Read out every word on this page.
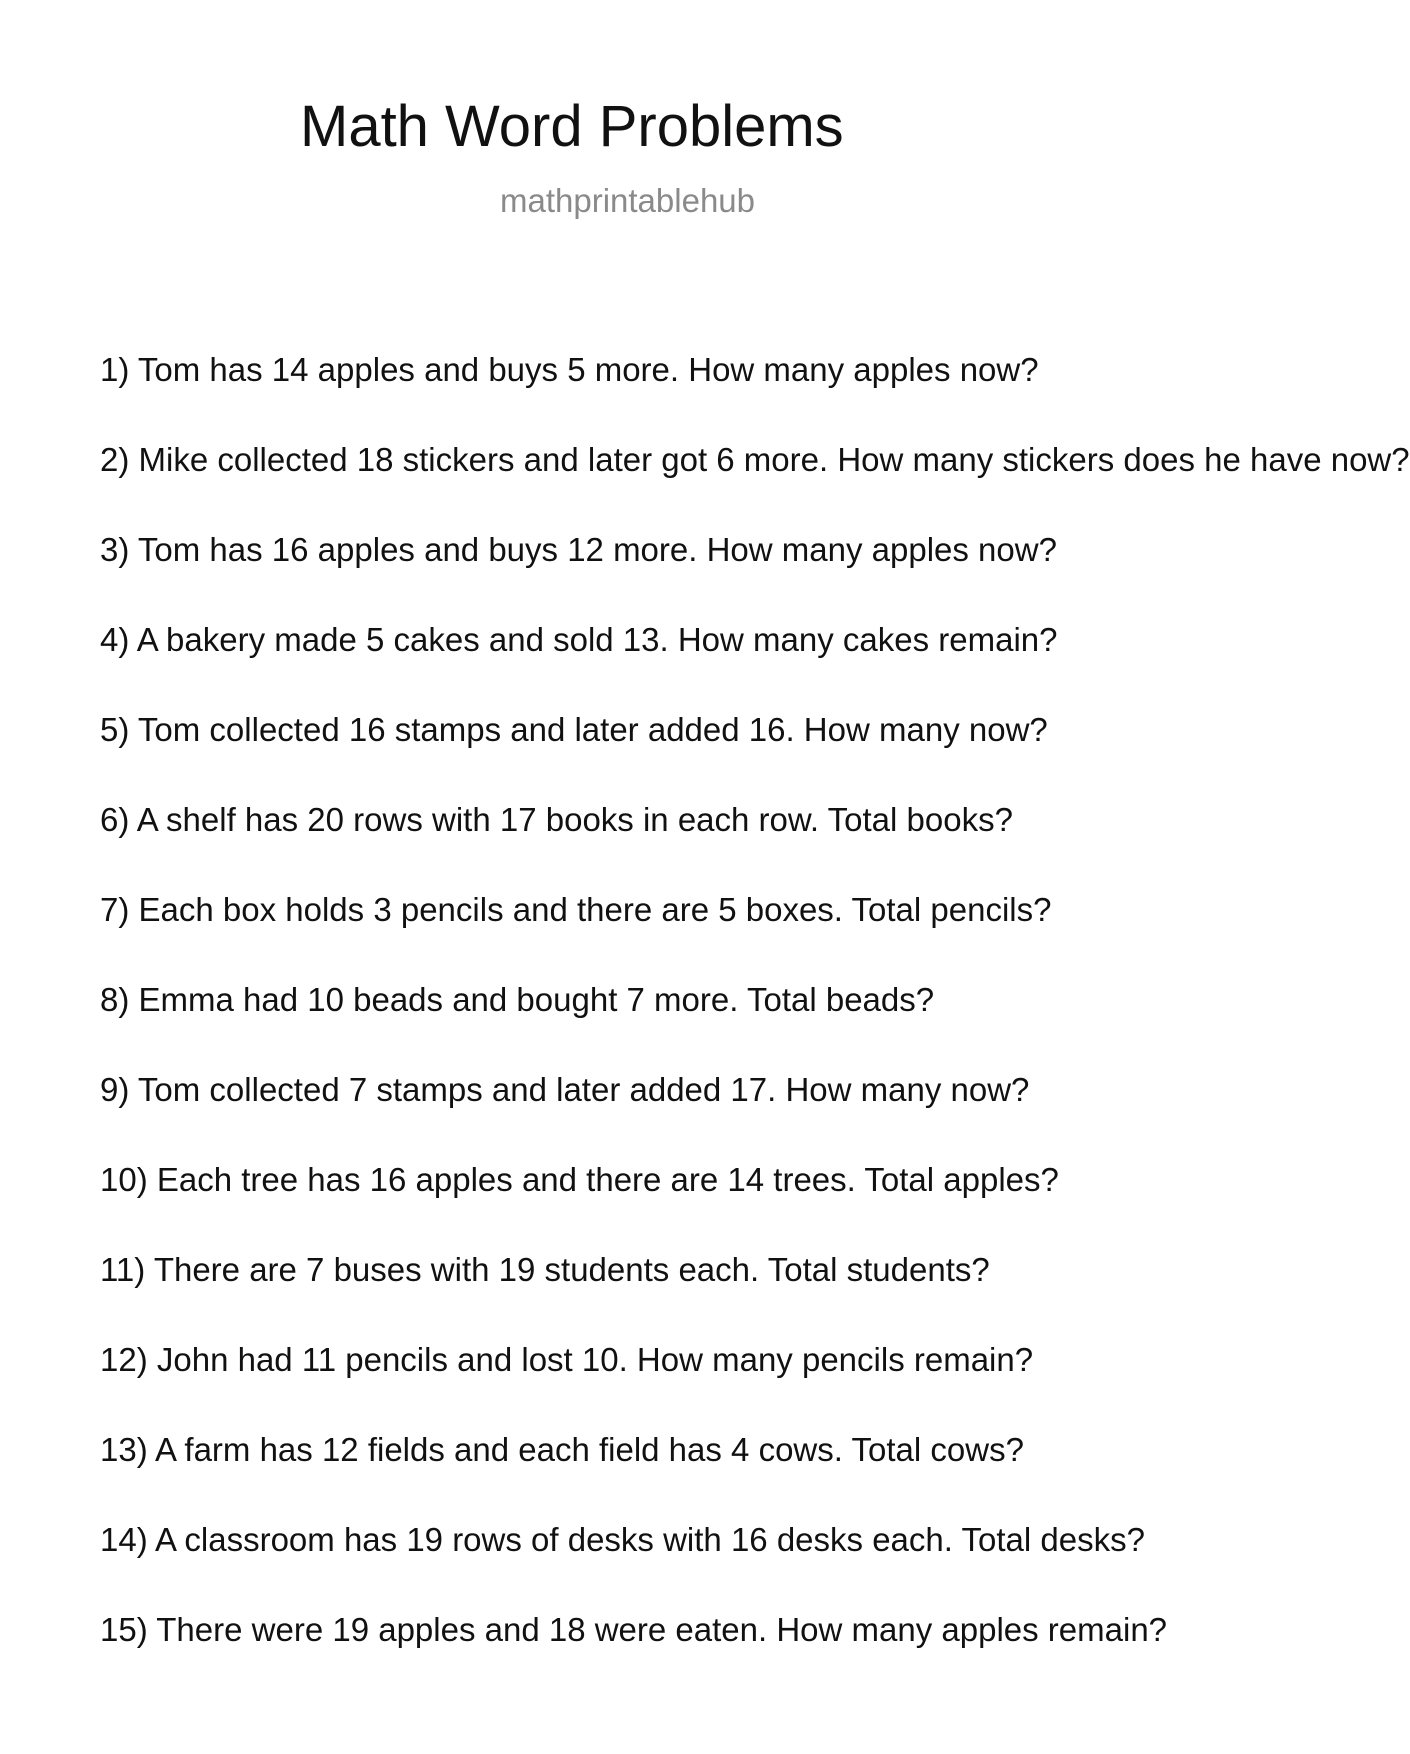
Math Word Problems
mathprintablehub
1) Tom has 14 apples and buys 5 more. How many apples now?
2) Mike collected 18 stickers and later got 6 more. How many stickers does he have now?
3) Tom has 16 apples and buys 12 more. How many apples now?
4) A bakery made 5 cakes and sold 13. How many cakes remain?
5) Tom collected 16 stamps and later added 16. How many now?
6) A shelf has 20 rows with 17 books in each row. Total books?
7) Each box holds 3 pencils and there are 5 boxes. Total pencils?
8) Emma had 10 beads and bought 7 more. Total beads?
9) Tom collected 7 stamps and later added 17. How many now?
10) Each tree has 16 apples and there are 14 trees. Total apples?
11) There are 7 buses with 19 students each. Total students?
12) John had 11 pencils and lost 10. How many pencils remain?
13) A farm has 12 fields and each field has 4 cows. Total cows?
14) A classroom has 19 rows of desks with 16 desks each. Total desks?
15) There were 19 apples and 18 were eaten. How many apples remain?
